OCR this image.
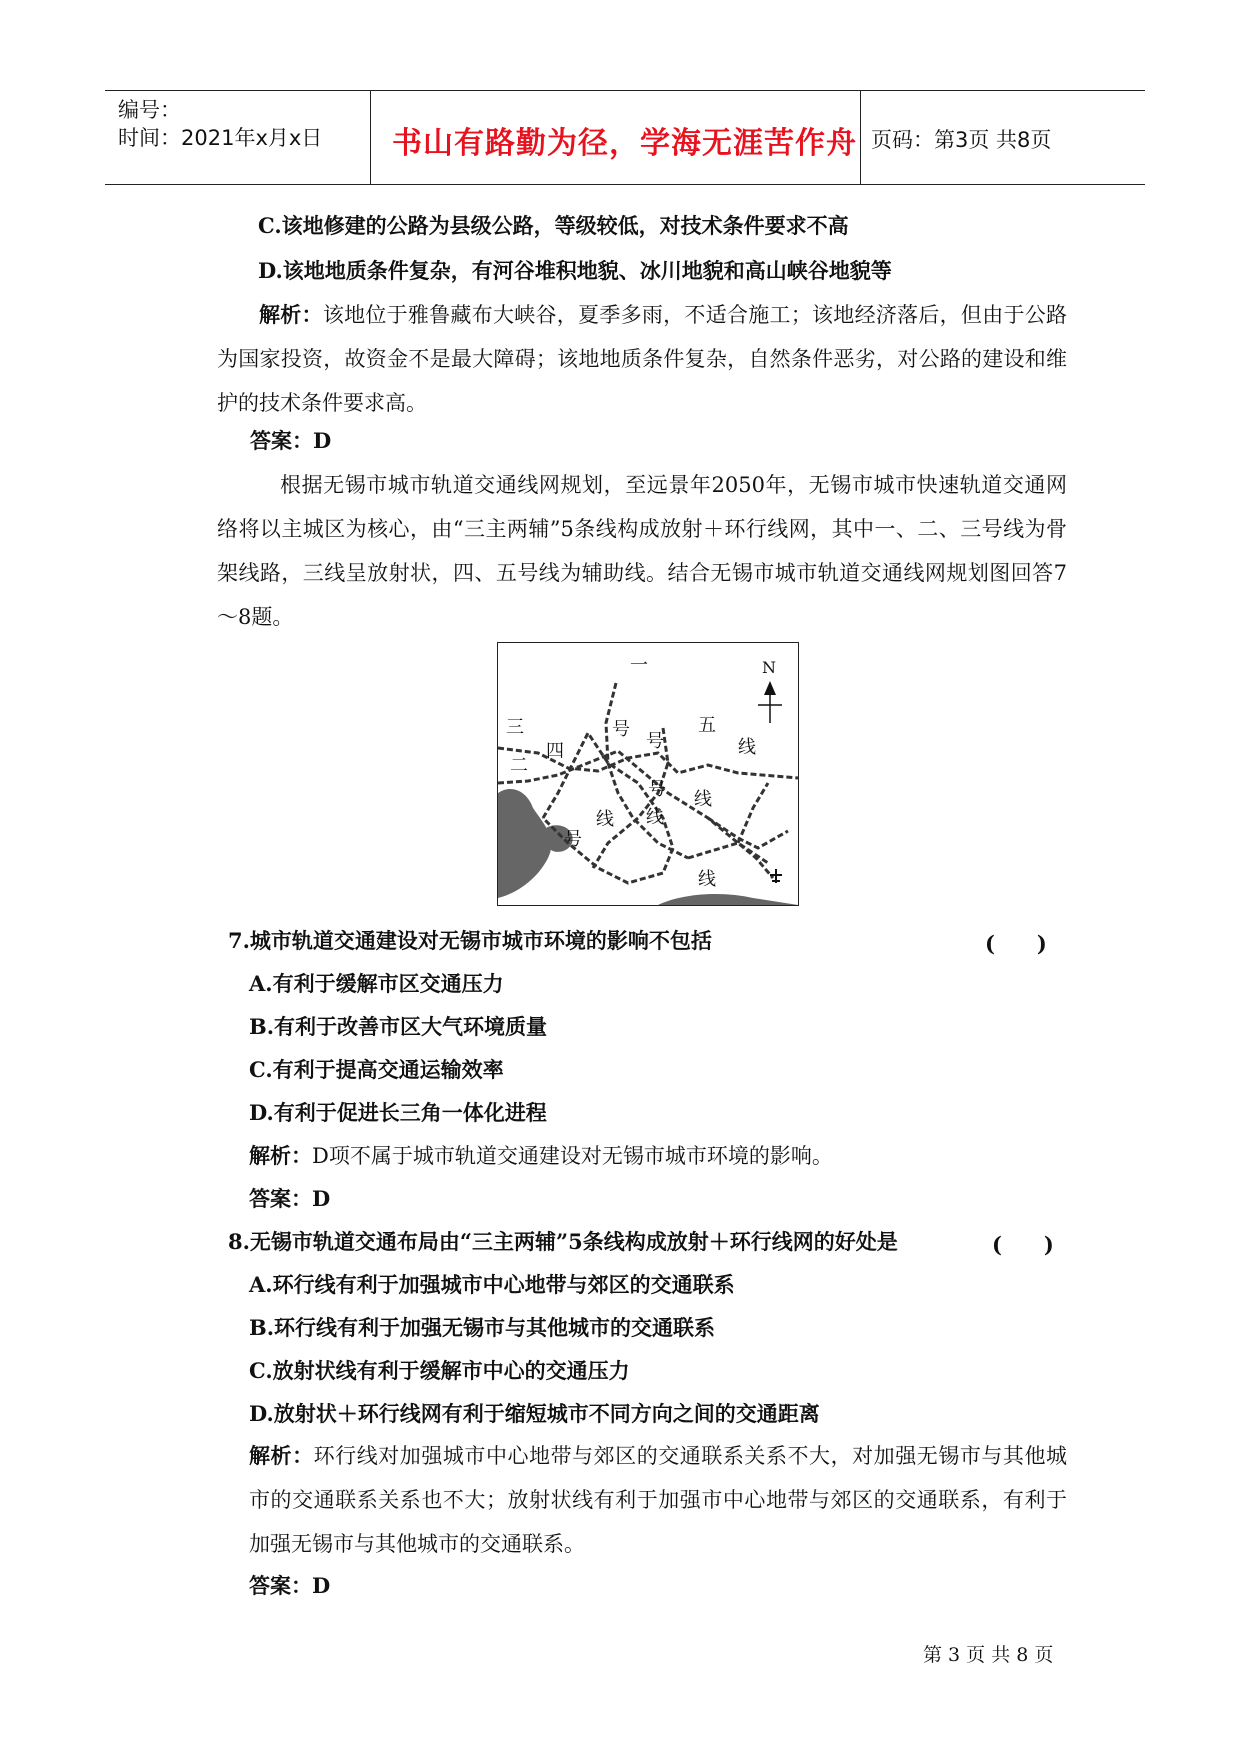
编号：
时间：2021年x月x日 书山有路勤为径，学海无涯苦作舟 页码：第3页 共8页
C.该地修建的公路为县级公路，等级较低，对技术条件要求不高
D.该地地质条件复杂，有河谷堆积地貌、冰川地貌和高山峡谷地貌等
解析：该地位于雅鲁藏布大峡谷，夏季多雨，不适合施工；该地经济落后，但由于公路为国家投资，故资金不是最大障碍；该地地质条件复杂，自然条件恶劣，对公路的建设和维护的技术条件要求高。
答案：D
根据无锡市城市轨道交通线网规划，至远景年2050年，无锡市城市快速轨道交通网络将以主城区为核心，由“三主两辅”5条线构成放射＋环行线网，其中一、二、三号线为骨架线路，三线呈放射状，四、五号线为辅助线。结合无锡市城市轨道交通线网规划图回答7～8题。
N
一
三
二
四
五
号
号
号
号
线
线
线 线
线
7.城市轨道交通建设对无锡市城市环境的影响不包括	(　　)
A.有利于缓解市区交通压力
B.有利于改善市区大气环境质量
C.有利于提高交通运输效率
D.有利于促进长三角一体化进程
解析：D项不属于城市轨道交通建设对无锡市城市环境的影响。
答案：D
8.无锡市轨道交通布局由“三主两辅”5条线构成放射＋环行线网的好处是	(　　)
A.环行线有利于加强城市中心地带与郊区的交通联系
B.环行线有利于加强无锡市与其他城市的交通联系
C.放射状线有利于缓解市中心的交通压力
D.放射状＋环行线网有利于缩短城市不同方向之间的交通距离
解析：环行线对加强城市中心地带与郊区的交通联系关系不大，对加强无锡市与其他城市的交通联系关系也不大；放射状线有利于加强市中心地带与郊区的交通联系，有利于加强无锡市与其他城市的交通联系。
答案：D
第 3 页 共 8 页
